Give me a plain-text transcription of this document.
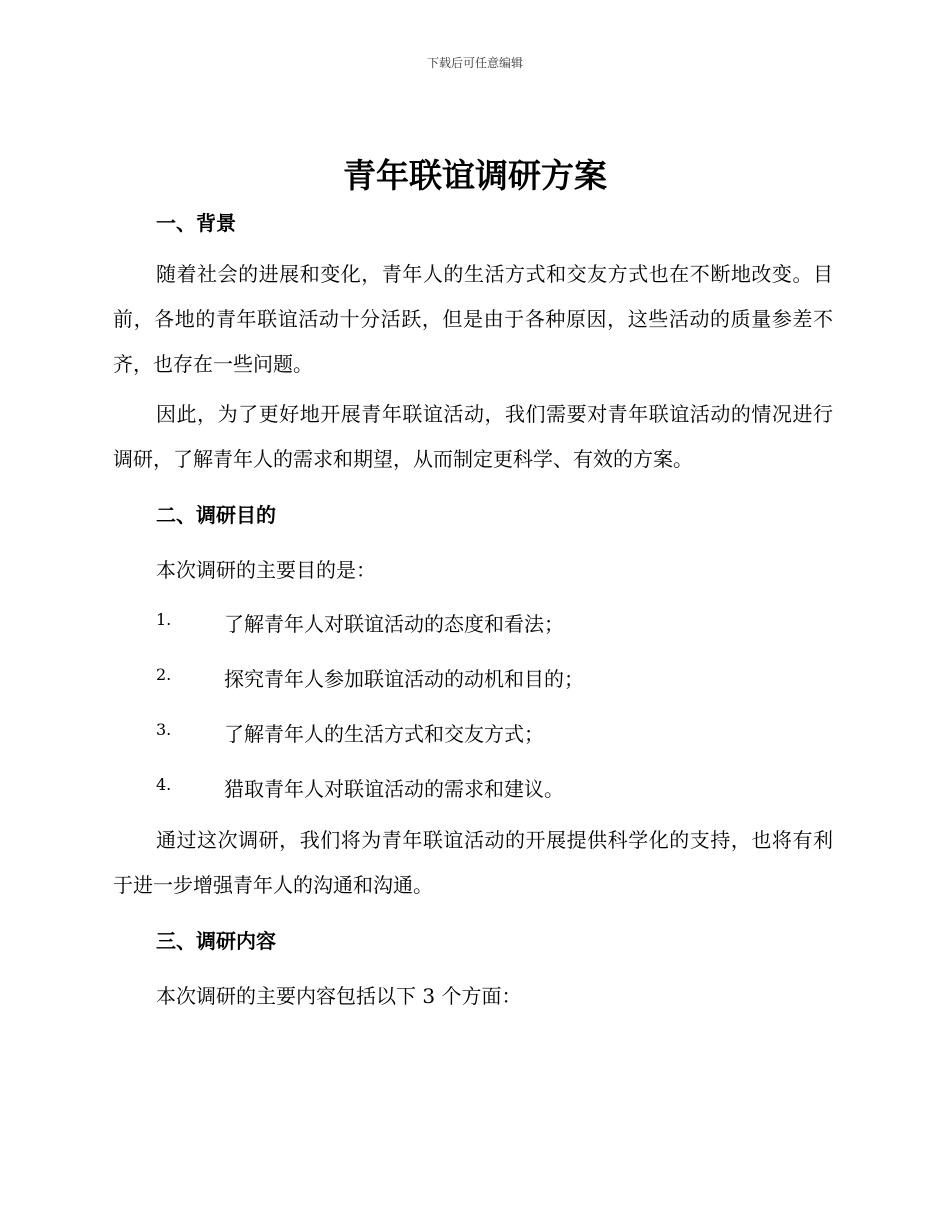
下载后可任意编辑
青年联谊调研方案
一、背景

随着社会的进展和变化，青年人的生活方式和交友方式也在不断地改变。目前，各地的青年联谊活动十分活跃，但是由于各种原因，这些活动的质量参差不齐，也存在一些问题。

因此，为了更好地开展青年联谊活动，我们需要对青年联谊活动的情况进行调研，了解青年人的需求和期望，从而制定更科学、有效的方案。

二、调研目的
本次调研的主要目的是：
1.	了解青年人对联谊活动的态度和看法；
2.	探究青年人参加联谊活动的动机和目的；
3.	了解青年人的生活方式和交友方式；
4.	猎取青年人对联谊活动的需求和建议。

通过这次调研，我们将为青年联谊活动的开展提供科学化的支持，也将有利于进一步增强青年人的沟通和沟通。

三、调研内容
本次调研的主要内容包括以下 3 个方面：
